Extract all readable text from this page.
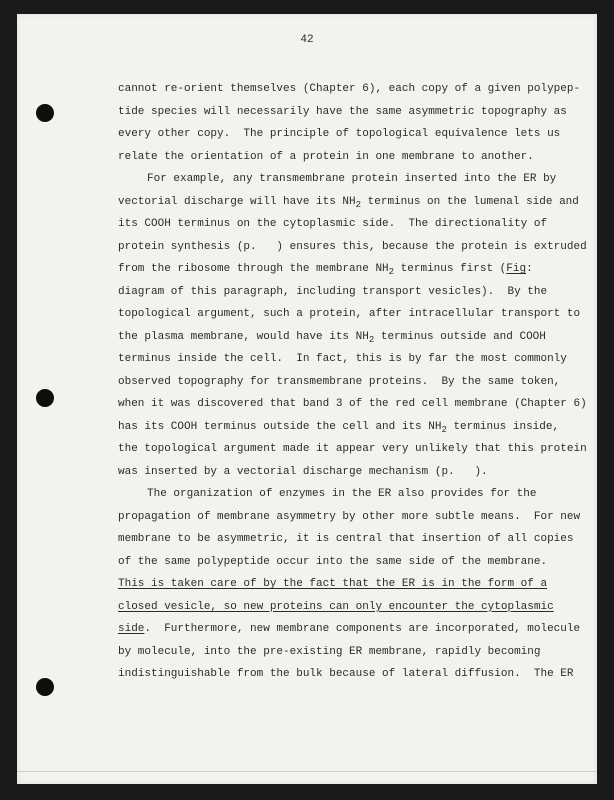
42
cannot re-orient themselves (Chapter 6), each copy of a given polypep-
tide species will necessarily have the same asymmetric topography as
every other copy.  The principle of topological equivalence lets us
relate the orientation of a protein in one membrane to another.
For example, any transmembrane protein inserted into the ER by
vectorial discharge will have its $NH_2$ terminus on the lumenal side and
its COOH terminus on the cytoplasmic side.  The directionality of
protein synthesis (p.   ) ensures this, because the protein is extruded
from the ribosome through the membrane $NH_2$ terminus first (Fig:
diagram of this paragraph, including transport vesicles).  By the
topological argument, such a protein, after intracellular transport to
the plasma membrane, would have its $NH_2$ terminus outside and COOH
terminus inside the cell.  In fact, this is by far the most commonly
observed topography for transmembrane proteins.  By the same token,
when it was discovered that band 3 of the red cell membrane (Chapter 6)
has its COOH terminus outside the cell and its $NH_2$ terminus inside,
the topological argument made it appear very unlikely that this protein
was inserted by a vectorial discharge mechanism (p.   ).
The organization of enzymes in the ER also provides for the
propagation of membrane asymmetry by other more subtle means.  For new
membrane to be asymmetric, it is central that insertion of all copies
of the same polypeptide occur into the same side of the membrane.
This is taken care of by the fact that the ER is in the form of a
closed vesicle, so new proteins can only encounter the cytoplasmic
side.  Furthermore, new membrane components are incorporated, molecule
by molecule, into the pre-existing ER membrane, rapidly becoming
indistinguishable from the bulk because of lateral diffusion.  The ER
